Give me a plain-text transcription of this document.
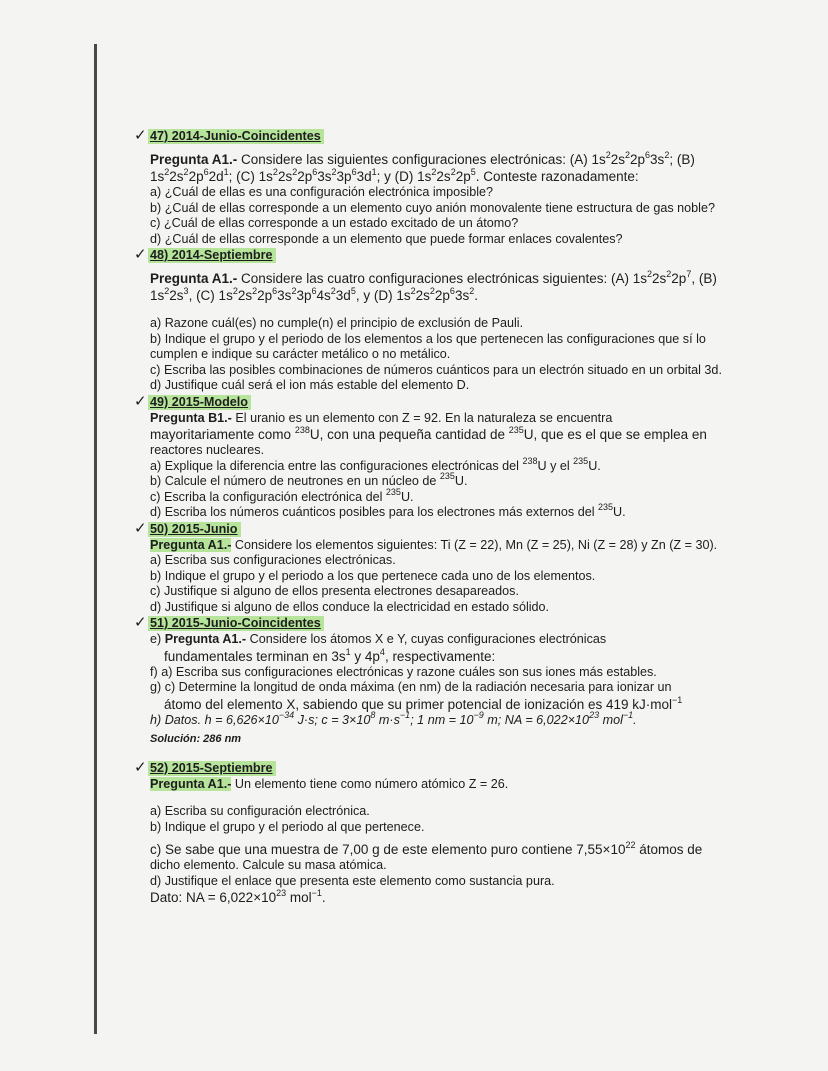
✓ 47) 2014-Junio-Coincidentes

Pregunta A1.- Considere las siguientes configuraciones electrónicas: (A) $1s^22s^22p^63s^2$; (B) $1s^22s^22p^62d^1$; (C) $1s^22s^22p^63s^23p^63d^1$; y (D) $1s^22s^22p^5$. Conteste razonadamente:

a) ¿Cuál de ellas es una configuración electrónica imposible?

b) ¿Cuál de ellas corresponde a un elemento cuyo anión monovalente tiene estructura de gas noble?

c) ¿Cuál de ellas corresponde a un estado excitado de un átomo?

d) ¿Cuál de ellas corresponde a un elemento que puede formar enlaces covalentes?

✓ 48) 2014-Septiembre

Pregunta A1.- Considere las cuatro configuraciones electrónicas siguientes: (A) $1s^22s^22p^7$, (B) $1s^22s^3$, (C) $1s^22s^22p^63s^23p^64s^23d^5$, y (D) $1s^22s^22p^63s^2$.

a) Razone cuál(es) no cumple(n) el principio de exclusión de Pauli.

b) Indique el grupo y el periodo de los elementos a los que pertenecen las configuraciones que sí lo cumplen e indique su carácter metálico o no metálico.

c) Escriba las posibles combinaciones de números cuánticos para un electrón situado en un orbital 3d.

d) Justifique cuál será el ion más estable del elemento D.

✓ 49) 2015-Modelo

Pregunta B1.- El uranio es un elemento con Z = 92. En la naturaleza se encuentra

mayoritariamente como $^{238}$U, con una pequeña cantidad de $^{235}$U, que es el que se emplea en

reactores nucleares.

a) Explique la diferencia entre las configuraciones electrónicas del $^{238}$U y el $^{235}$U.

b) Calcule el número de neutrones en un núcleo de $^{235}$U.

c) Escriba la configuración electrónica del $^{235}$U.

d) Escriba los números cuánticos posibles para los electrones más externos del $^{235}$U.

✓ 50) 2015-Junio

Pregunta A1.- Considere los elementos siguientes: Ti (Z = 22), Mn (Z = 25), Ni (Z = 28) y Zn (Z = 30).

a) Escriba sus configuraciones electrónicas.

b) Indique el grupo y el periodo a los que pertenece cada uno de los elementos.

c) Justifique si alguno de ellos presenta electrones desapareados.

d) Justifique si alguno de ellos conduce la electricidad en estado sólido.

✓ 51) 2015-Junio-Coincidentes

e) Pregunta A1.- Considere los átomos X e Y, cuyas configuraciones electrónicas

fundamentales terminan en $3s^1$ y $4p^4$, respectivamente:

f) a) Escriba sus configuraciones electrónicas y razone cuáles son sus iones más estables.

g) c) Determine la longitud de onda máxima (en nm) de la radiación necesaria para ionizar un

átomo del elemento X, sabiendo que su primer potencial de ionización es 419 kJ·mol$^{-1}$

h) Datos. $h = 6,626\times 10^{-34}$ J·s; $c = 3\times 10^8$ $m\cdot s^{-1}$; 1 nm = $10^{-9}$ m; NA = $6,022\times 10^{23}$ mol$^{-1}$.

Solución: 286 nm
✓ 52) 2015-Septiembre

Pregunta A1.- Un elemento tiene como número atómico Z = 26.

a) Escriba su configuración electrónica.

b) Indique el grupo y el periodo al que pertenece.

c) Se sabe que una muestra de 7,00 g de este elemento puro contiene $7,55\times 10^{22}$ átomos de

dicho elemento. Calcule su masa atómica.

d) Justifique el enlace que presenta este elemento como sustancia pura.

Dato: NA = $6,022\times 10^{23}$ mol$^{-1}$.
